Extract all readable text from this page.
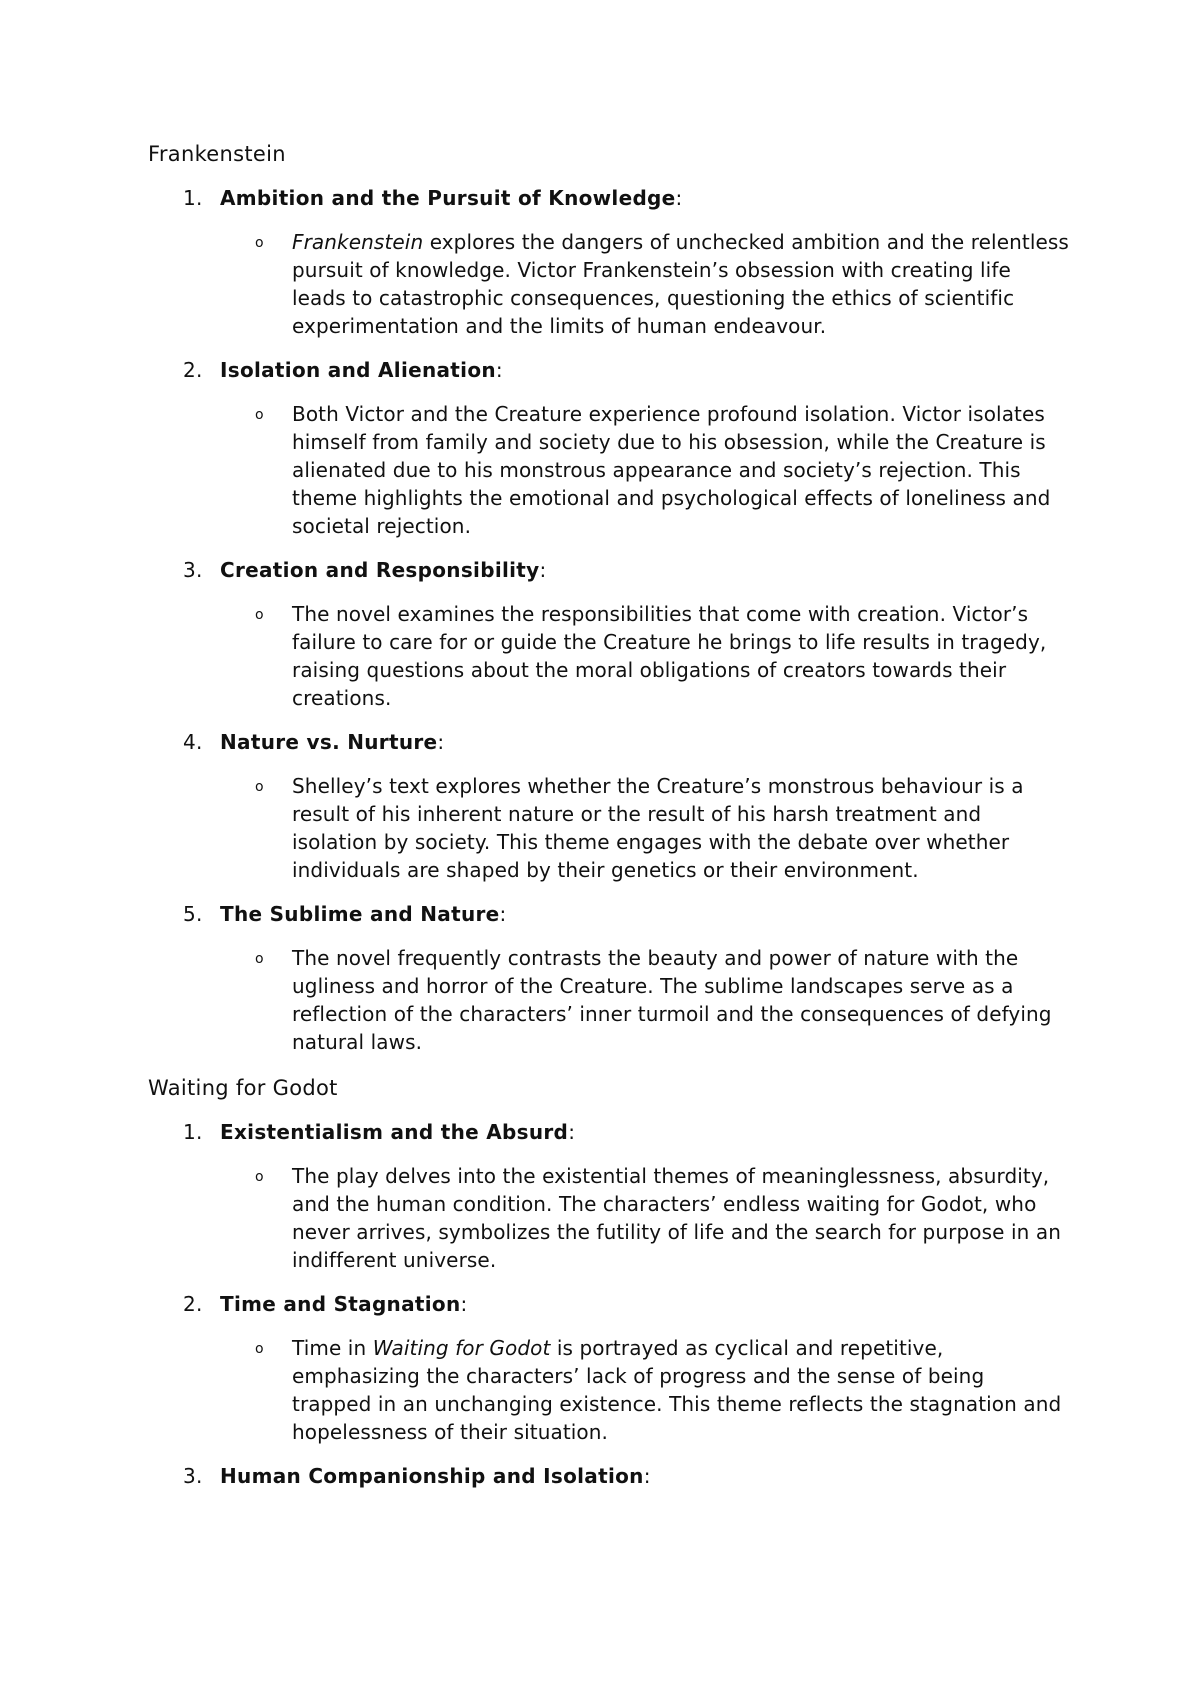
Frankenstein
1. Ambition and the Pursuit of Knowledge:
o Frankenstein explores the dangers of unchecked ambition and the relentless pursuit of knowledge. Victor Frankenstein’s obsession with creating life leads to catastrophic consequences, questioning the ethics of scientific experimentation and the limits of human endeavour.
2. Isolation and Alienation:
o Both Victor and the Creature experience profound isolation. Victor isolates himself from family and society due to his obsession, while the Creature is alienated due to his monstrous appearance and society’s rejection. This theme highlights the emotional and psychological effects of loneliness and societal rejection.
3. Creation and Responsibility:
o The novel examines the responsibilities that come with creation. Victor’s failure to care for or guide the Creature he brings to life results in tragedy, raising questions about the moral obligations of creators towards their creations.
4. Nature vs. Nurture:
o Shelley’s text explores whether the Creature’s monstrous behaviour is a result of his inherent nature or the result of his harsh treatment and isolation by society. This theme engages with the debate over whether individuals are shaped by their genetics or their environment.
5. The Sublime and Nature:
o The novel frequently contrasts the beauty and power of nature with the ugliness and horror of the Creature. The sublime landscapes serve as a reflection of the characters’ inner turmoil and the consequences of defying natural laws.
Waiting for Godot
1. Existentialism and the Absurd:
o The play delves into the existential themes of meaninglessness, absurdity, and the human condition. The characters’ endless waiting for Godot, who never arrives, symbolizes the futility of life and the search for purpose in an indifferent universe.
2. Time and Stagnation:
o Time in Waiting for Godot is portrayed as cyclical and repetitive, emphasizing the characters’ lack of progress and the sense of being trapped in an unchanging existence. This theme reflects the stagnation and hopelessness of their situation.
3. Human Companionship and Isolation:
